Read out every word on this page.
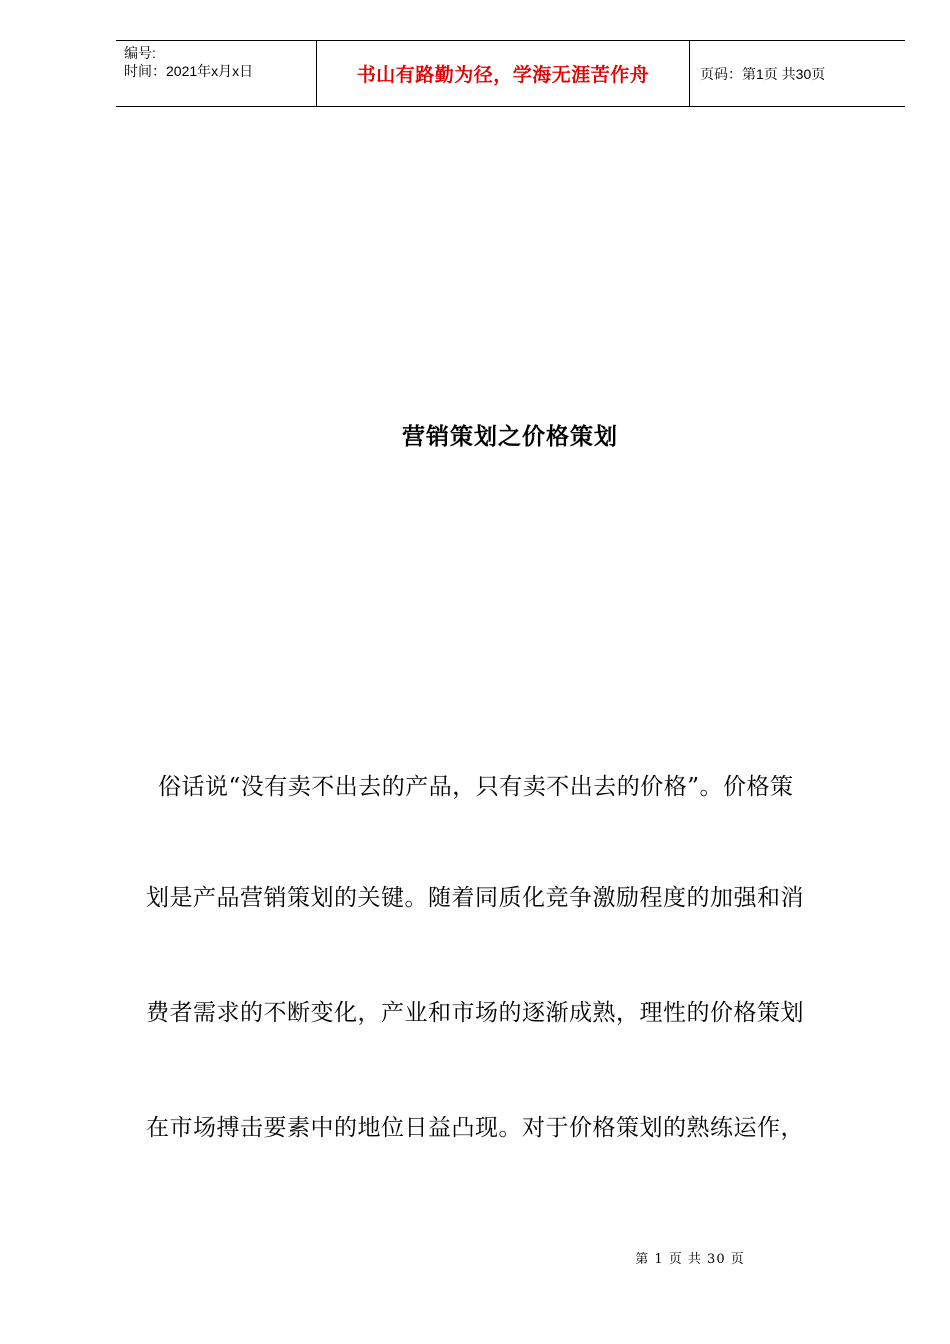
编号:
时间：2021年x月x日	书山有路勤为径，学海无涯苦作舟	页码：第1页 共30页
营销策划之价格策划
俗话说“没有卖不出去的产品，只有卖不出去的价格”。价格策
划是产品营销策划的关键。随着同质化竞争激励程度的加强和消
费者需求的不断变化，产业和市场的逐渐成熟，理性的价格策划
在市场搏击要素中的地位日益凸现。对于价格策划的熟练运作，
第 1 页 共 30 页
